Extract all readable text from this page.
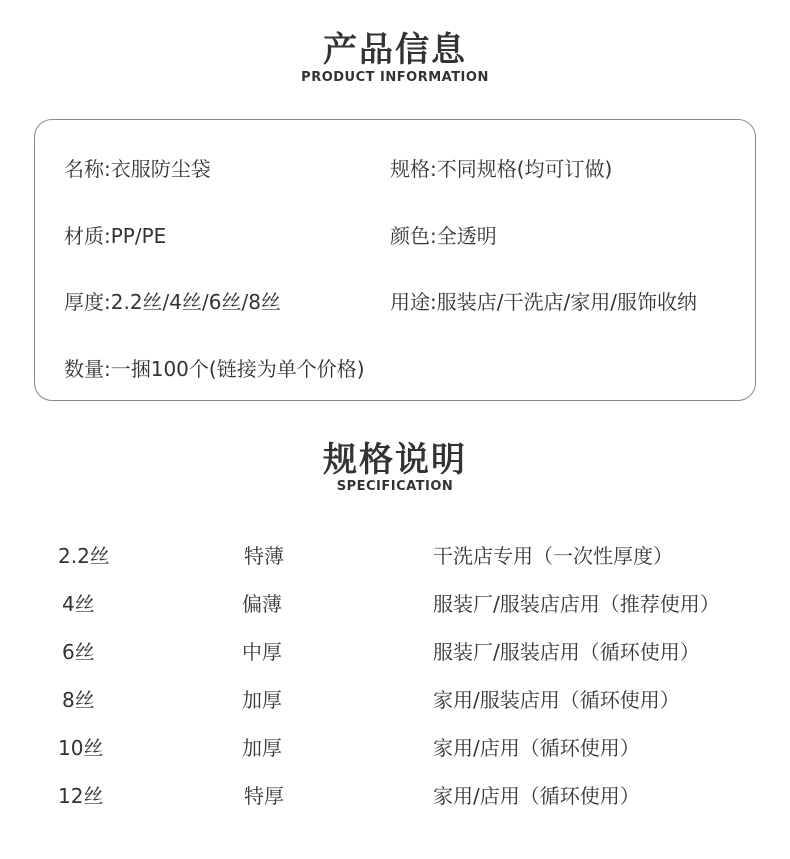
产品信息
PRODUCT INFORMATION
名称:衣服防尘袋	规格:不同规格(均可订做)
材质:PP/PE	颜色:全透明
厚度:2.2丝/4丝/6丝/8丝	用途:服装店/干洗店/家用/服饰收纳
数量:一捆100个(链接为单个价格)
规格说明
SPECIFICATION
2.2丝	特薄	干洗店专用（一次性厚度）
4丝	偏薄	服装厂/服装店店用（推荐使用）
6丝	中厚	服装厂/服装店用（循环使用）
8丝	加厚	家用/服装店用（循环使用）
10丝	加厚	家用/店用（循环使用）
12丝	特厚	家用/店用（循环使用）
